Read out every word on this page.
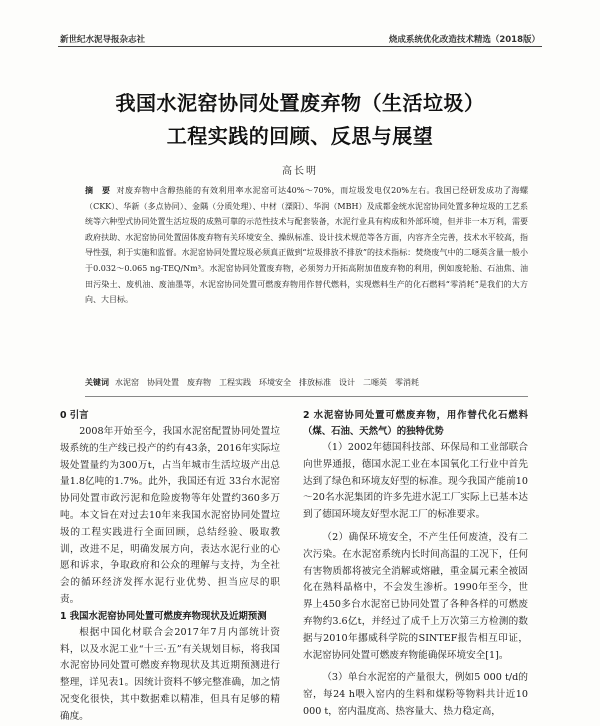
新世纪水泥导报杂志社	烧成系统优化改造技术精选（2018版）
我国水泥窑协同处置废弃物（生活垃圾）
工程实践的回顾、反思与展望
高长明
摘　要 对废弃物中含醇热能的有效利用率水泥窑可达40%～70%，而垃圾发电仅20%左右。我国已经研发成功了海螺（CKK）、华新（多点协同）、金隅（分质处理）、中材（溧阳）、华润（MBH）及成都金统水泥窑协同处置多种垃圾的工艺系统等六种型式协同处置生活垃圾的成熟可靠的示范性技术与配套装备，水泥行业具有构成和外部环境，但并非一本万利，需要政府扶助、水泥窑协同处置固体废弃物有关环境安全、操纵标准、设计技术规范等各方面，内容齐全完善，技术水平较高，指导性强，利于实施和监督。水泥窑协同处置垃圾必须真正做到“垃圾排放不排放”的技术指标：焚烧废气中的二噁英含量一般小于0.032～0.065 ng-TEQ/Nm³。水泥窑协同处置废弃物，必须努力开拓高附加值废弃物的利用，例如废轮胎、石油焦、油田污染土、废机油、废油墨等，水泥窑协同处置可燃废弃物用作替代燃料，实现燃料生产的化石燃料“零消耗”是我们的大方向、大目标。
关键词 水泥窑　协同处置　废弃物　工程实践　环境安全　排放标准　设计　二噁英　零消耗
0 引言
2008年开始至今，我国水泥窑配置协同处置垃圾系统的生产线已投产的约有43条，2016年实际垃圾处置量约为300万t，占当年城市生活垃圾产出总量1.8亿吨的1.7%。此外，我国还有近 33台水泥窑协同处置市政污泥和危险废物等年处置约360多万吨。本文旨在对过去10年来我国水泥窑协同处置垃圾的工程实践进行全面回顾，总结经验、吸取教训，改进不足，明确发展方向，表达水泥行业的心愿和诉求，争取政府和公众的理解与支持，为全社会的循环经济发挥水泥行业优势、担当应尽的职责。
1 我国水泥窑协同处置可燃废弃物现状及近期预测
根据中国化材联合会2017年7月内部统计资料，以及水泥工业“十三·五”有关规划目标，将我国水泥窑协同处置可燃废弃物现状及其近期预测进行整理，详见表1。因统计资料不够完整准确，加之情况变化很快，其中数据难以精准，但具有足够的精确度。
2 水泥窑协同处置可燃废弃物，用作替代化石燃料（煤、石油、天然气）的独特优势
（1）2002年德国科技部、环保局和工业部联合向世界通报，德国水泥工业在本国氧化工行业中首先达到了绿色和环境友好型的标准。现今我国产能前10～20名水泥集团的许多先进水泥工厂实际上已基本达到了德国环境友好型水泥工厂的标准要求。
（2）确保环境安全，不产生任何废渣，没有二次污染。在水泥窑系统内长时间高温的工况下，任何有害物质都将被完全消解或熔融，重金属元素全被固化在熟料晶格中，不会发生渗析。1990年至今，世界上450多台水泥窑已协同处置了各种各样的可燃废弃物约3.6亿t，并经过了成千上万次第三方检测的数据与2010年挪威科学院的SINTEF报告相互印证，水泥窑协同处置可燃废弃物能确保环境安全[1]。
（3）单台水泥窑的产量很大，例如5 000 t/d的窑，每24 h喂入窑内的生料和煤粉等物料共计近10 000 t，窑内温度高、热容量大、热力稳定高，
